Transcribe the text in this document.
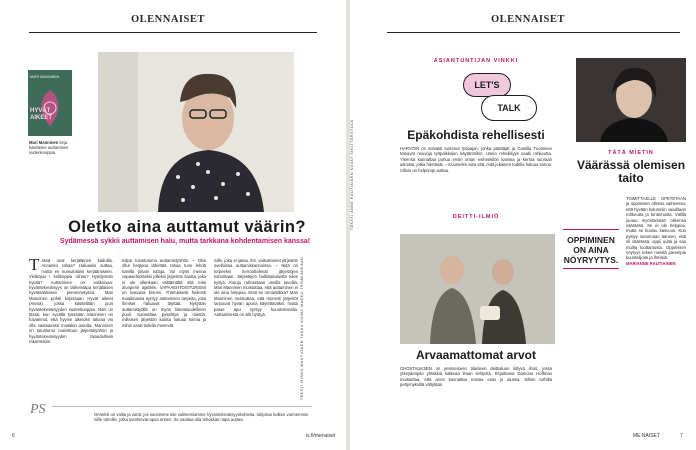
OLENNAISET
MARI MANNINEN
HYVÄT AIKEET
Mari Manninen kirja käsittelee auttamisen sudenkuoppia.
Oletko aina auttamut väärin?
Sydämessä sykkii auttamisen halu, mutta tarkkana kohdentamisen kanssa!
T ässä ovat kerjäläinen kaduilla. Annanko rahaa? Haluaisin auttaa, mutta en kumuloituisi kerjäämiseen. Vietköjuu i kolikoppia rahaa? Hyödynnän hyvää? Auttaminen on valikoivaa: hyväntekeväisyys on tärkeintäpa kerjäläisen hyväntahtoisen pienennetyssä. Mari Manninen pohtii kirjassaan Hyvät aikeet (Atena), jossa käsitellään juuri hyväntekeväisyyden sudenkuoppia. Nimi on tässä, kun syvällä työssään Manninen on havainnut, että hyvien aikeiden takana voi olla vastaavasti muitakin asioita. Manninen on tutustunut mainittuun järjestötyöhön ja hyväntekeväisyyden taloudellisiin rakenteisiin.
tulipa tutustutuma auttamistyöhön. – Olisi ollut helppoa lähettää rahaa tuon lehdä tutnilla joitain tuttuja. Voi myös menna vapaaehtoiseksi jollekin järjestön kautta, joka ei ole ollenkaan välttämättä sitä mitä alunperin ajattelin. VAPAAEHTOISTURISMI on kasvava bisnes. Yhtenäisesti heikosti maailmassa syntyy auttamisen tarpeita, joita ihmiset haluavat täyttää. Nykyään auttamistyöllä on myös liiketaloudellinen puoli. Kannattaa pysähtyä ja miettiä, millaisen järjestön kautta haluaa toimia ja mihin varat todella menevät.
Sille, joka ei jaksa, ilot, vaikuttaneet järjestön ovelluissa auttamiskannoissa. – Niitä on torpeeksi kerroottelevat järjestöjen toimintaan. Järjestöjen hallintakuluista tulee kysyä. Kuluja rahoitetaan useilla tavoilla. Mari Manninen muistuttaa, että auttaminen ei ole aina helppoa. Entä se romantiikka? Mari Manninen muistuttaa, että monesti järjestöt tarjoavat hyvän apuna käytettäväksi, mutta paras apu syntyy kuuntelemalla. Auttamisesta on silti hyötyä.	TEKSTI MIRKO MAUTIONEN TAKUU KUVAT MARKO TERÄKANKAAN
PS	Onneksi on valita ja varat: jos suosimme itse valitsemiamme hyväntekeväisyyskohteita, lahjoitus kulkee varmemmin niille tahoille, jotka tarvitsevat apua eniten. Se saattaa olla tehokkain tapa auttaa.
6	is.fi/menaiset
OLENNAISET
TEKSTI ANNE RAUTIAINEN KUVAT SHUTTERSTOCK
ASIANTUNTIJAN VINKKI
LET'S
TALK
Epäkohdista rehellisesti
HARVOIN on selvästi tuntenut työpajan, jonka päättäjät ja Camilla Tuominen toteavat neuvoja työpaikkojen käytäntöihin. Usein rehellisyys vaatii rohkeutta. Yleensä kannattaa puhua ensin oman esihenkilön kanssa ja kertoa suoraan asioista, jotka hiertävät. – Kuuntelen aina sitä, mitä jokainen todella haluaa sanoa. Silloin on helpompi auttaa.
DEITTI-ILMIÖ
Arvaamattomat arvot
GHOSTAUKSEN on perinteiseen tilanteen deittailuun liittyvä ilmiö, jossa yhteydenpito yhtäkkiä katkeaa ilman selitystä. Kirjoittanut Damona Hoffman muistuttaa, että arvot kannattaa nostaa esiin jo alussa. Silloin turhilta pettymyksiltä vältytään.
TÄTÄ MIETIN
Väärässä olemisen taito
OPPIMINEN ON AINA NÖYRYYTYS.
TOIMITTAJILLE OPETETAAN ja oppimisen ollessa vaiheessa, että hyvään kolumniin vaaditaan rohkeutta ja tuntemusta. Välillä joutuu myöntämään olleensa väärässä. Se ei ole helppoa, mutta se kuuluu kasvuun. Kun pystyy sanomaan ääneen, että oli väärässä, oppii uutta ja saa muilta luottamusta. Oppimisen nöyryys tekee meistä parempia kuuntelijoita ja ihmisiä.
MARIANNE RAUTIAINEN
ME NAISET	7
